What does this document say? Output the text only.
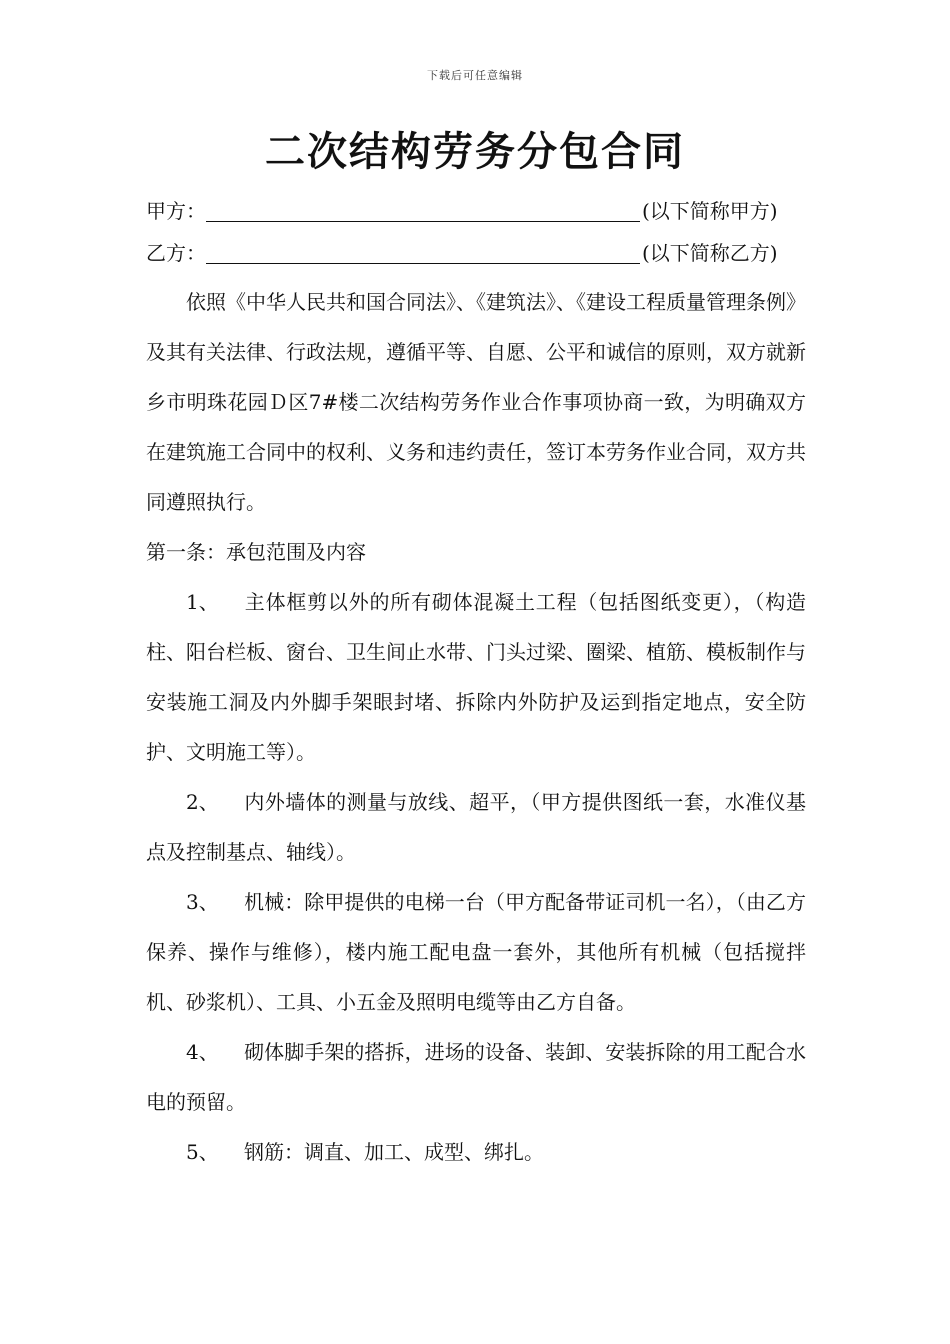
下载后可任意编辑
二次结构劳务分包合同
甲方：	(以下简称甲方)
乙方：	(以下简称乙方)

依照《中华人民共和国合同法》、《建筑法》、《建设工程质量管理条例》及其有关法律、行政法规，遵循平等、自愿、公平和诚信的原则，双方就新乡市明珠花园Ｄ区7#楼二次结构劳务作业合作事项协商一致，为明确双方在建筑施工合同中的权利、义务和违约责任，签订本劳务作业合同，双方共同遵照执行。

第一条：承包范围及内容

1、 主体框剪以外的所有砌体混凝土工程（包括图纸变更），（构造柱、阳台栏板、窗台、卫生间止水带、门头过梁、圈梁、植筋、模板制作与安装施工洞及内外脚手架眼封堵、拆除内外防护及运到指定地点，安全防护、文明施工等）。

2、 内外墙体的测量与放线、超平，（甲方提供图纸一套，水准仪基点及控制基点、轴线）。

3、 机械：除甲提供的电梯一台（甲方配备带证司机一名），（由乙方保养、操作与维修），楼内施工配电盘一套外，其他所有机械（包括搅拌机、砂浆机）、工具、小五金及照明电缆等由乙方自备。

4、 砌体脚手架的搭拆，进场的设备、装卸、安装拆除的用工配合水电的预留。

5、 钢筋：调直、加工、成型、绑扎。
